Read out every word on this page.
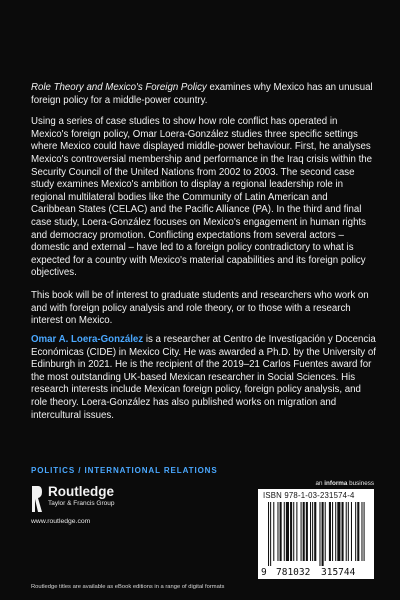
Role Theory and Mexico's Foreign Policy examines why Mexico has an unusual foreign policy for a middle-power country.

Using a series of case studies to show how role conflict has operated in Mexico's foreign policy, Omar Loera-González studies three specific settings where Mexico could have displayed middle-power behaviour. First, he analyses Mexico's controversial membership and performance in the Iraq crisis within the Security Council of the United Nations from 2002 to 2003. The second case study examines Mexico's ambition to display a regional leadership role in regional multilateral bodies like the Community of Latin American and Caribbean States (CELAC) and the Pacific Alliance (PA). In the third and final case study, Loera-González focuses on Mexico's engagement in human rights and democracy promotion. Conflicting expectations from several actors – domestic and external – have led to a foreign policy contradictory to what is expected for a country with Mexico's material capabilities and its foreign policy objectives.

This book will be of interest to graduate students and researchers who work on and with foreign policy analysis and role theory, or to those with a research interest on Mexico.

Omar A. Loera-González is a researcher at Centro de Investigación y Docencia Económicas (CIDE) in Mexico City. He was awarded a Ph.D. by the University of Edinburgh in 2021. He is the recipient of the 2019–21 Carlos Fuentes award for the most outstanding UK-based Mexican researcher in Social Sciences. His research interests include Mexican foreign policy, foreign policy analysis, and role theory. Loera-González has also published works on migration and intercultural issues.

POLITICS / INTERNATIONAL RELATIONS
Routledge
Taylor & Francis Group
www.routledge.com
an informa business
ISBN 978-1-03-231574-4
9 781032 315744
Routledge titles are available as eBook editions in a range of digital formats
